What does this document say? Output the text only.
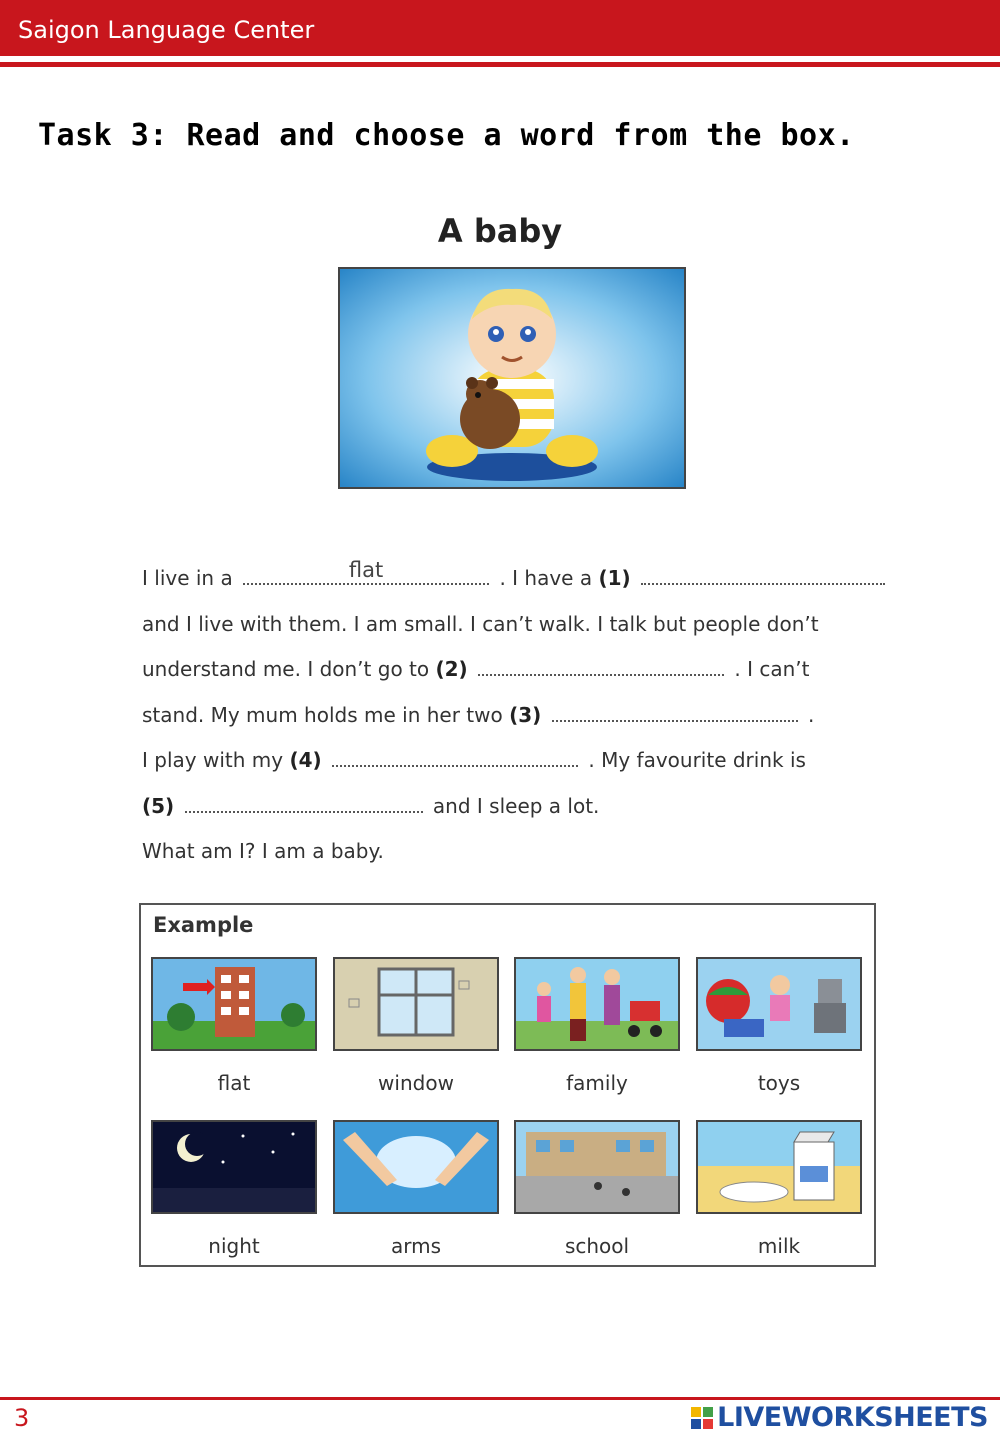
Saigon Language Center
Task 3: Read and choose a word from the box.
A baby
I live in a	flat	. I have a (1)
and I live with them. I am small. I can’t walk. I talk but people don’t
understand me. I don’t go to (2)	. I can’t
stand. My mum holds me in her two (3)	.
I play with my (4)	. My favourite drink is
(5)	and I sleep a lot.
What am I? I am a baby.
Example
flat	window	family	toys
night	arms	school	milk
3	LIVEWORKSHEETS
